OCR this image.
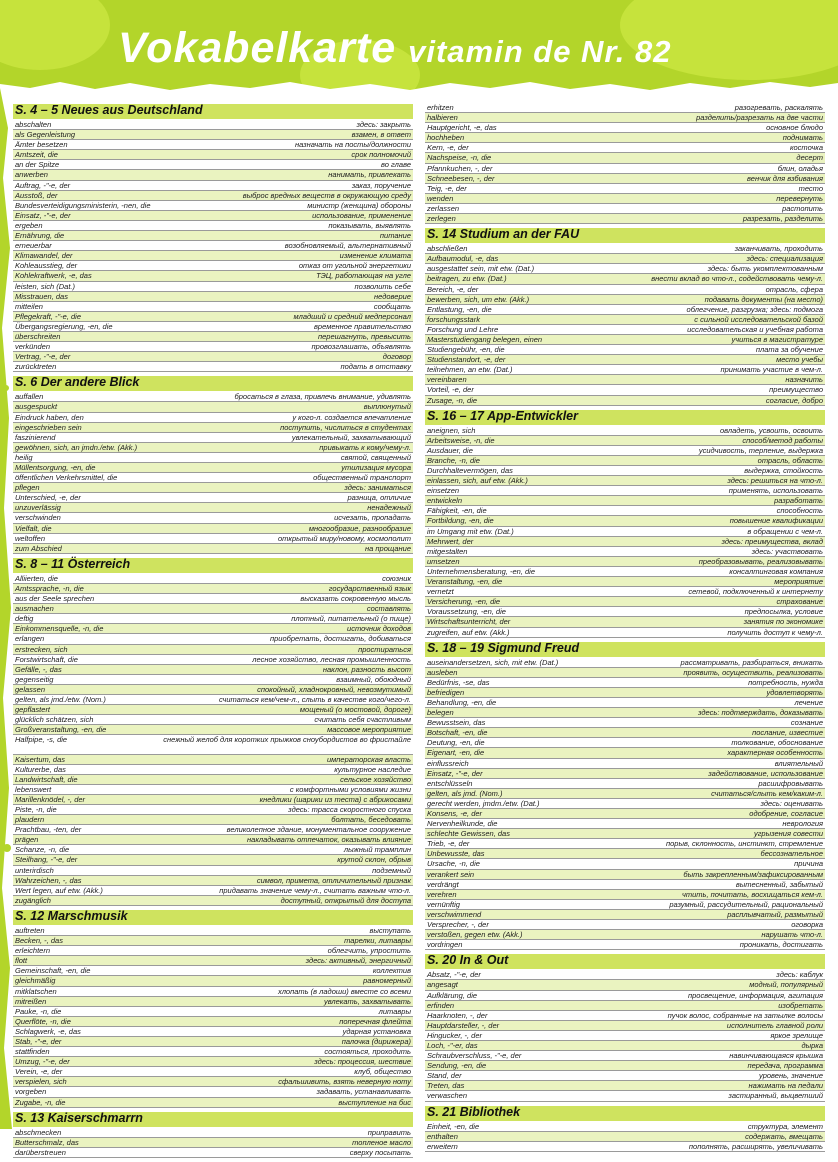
Vokabelkarte vitamin de Nr. 82
S. 4 – 5 Neues aus Deutschland
abschalten	здесь: закрыть
als Gegenleistung	взамен, в ответ
Ämter besetzen	назначать на посты/должности
Amtszeit, die	срок полномочий
an der Spitze	во главе
anwerben	нанимать, привлекать
Auftrag, -"-e, der	заказ, поручение
Ausstoß, der	выброс вредных веществ в окружающую среду
Bundesverteidigungsministerin, -nen, die	министр (женщина) обороны
Einsatz, -"-e, der	использование, применение
ergeben	показывать, выявлять
Ernährung, die	питание
erneuerbar	возобновляемый, альтернативный
Klimawandel, der	изменение климата
Kohleausstieg, der	отказ от угольной энергетики
Kohlekraftwerk, -e, das	ТЭЦ, работающая на угле
leisten, sich (Dat.)	позволить себе
Misstrauen, das	недоверие
mitteilen	сообщать
Pflegekraft, -"-e, die	младший и средний медперсонал
Übergangsregierung, -en, die	временное правительство
überschreiten	перешагнуть, превысить
verkünden	провозглашать, объявлять
Vertrag, -"-e, der	договор
zurücktreten	подать в отставку
S. 6 Der andere Blick
auffallen	бросаться в глаза, привлечь внимание, удивлять
ausgespuckt	выплюнутый
Eindruck haben, den	у кого-л. создается впечатление
eingeschrieben sein	поступить, числиться в студентах
faszinierend	увлекательный, захватывающий
gewöhnen, sich, an jmdn./etw. (Akk.)	привыкать к кому/чему-л.
heilig	святой, священный
Müllentsorgung, -en, die	утилизация мусора
öffentlichen Verkehrsmittel, die	общественный транспорт
pflegen	здесь: заниматься
Unterschied, -e, der	разница, отличие
unzuverlässig	ненадежный
verschwinden	исчезать, пропадать
Vielfalt, die	многообразие, разнообразие
weltoffen	открытый миру/новому, космополит
zum Abschied	на прощание
S. 8 – 11 Österreich
Alliierten, die	союзник
Amtssprache, -n, die	государственный язык
aus der Seele sprechen	высказать сокровенную мысль
ausmachen	составлять
deftig	плотный, питательный (о пище)
Einkommensquelle, -n, die	источник доходов
erlangen	приобретать, достигать, добиваться
erstrecken, sich	простираться
Forstwirtschaft, die	лесное хозяйство, лесная промышленность
Gefälle, -, das	наклон, разность высот
gegenseitig	взаимный, обоюдный
gelassen	спокойный, хладнокровный, невозмутимый
gelten, als jmd./etw. (Nom.)	считаться кем/чем-л., слыть в качестве кого/чего-л.
gepflastert	мощеный (о мостовой, дороге)
glücklich schätzen, sich	считать себя счастливым
Großveranstaltung, -en, die	массовое мероприятие
Halfpipe, -s, die	снежный желоб для коротких прыжков сноубордистов во фристайле
Kaisertum, das	императорская власть
Kulturerbe, das	культурное наследие
Landwirtschaft, die	сельское хозяйство
lebenswert	с комфортными условиями жизни
Marillenknödel, -, der	кнедлики (шарики из теста) с абрикосами
Piste, -n, die	здесь: трасса скоростного спуска
plaudern	болтать, беседовать
Prachtbau, -ten, der	великолепное здание, монументальное сооружение
prägen	накладывать отпечаток, оказывать влияние
Schanze, -n, die	лыжный трамплин
Steilhang, -"-e, der	крутой склон, обрыв
unterirdisch	подземный
Wahrzeichen, -, das	символ, примета, отличительный признак
Wert legen, auf etw. (Akk.)	придавать значение чему-л., считать важным что-л.
zugänglich	доступный, открытый для доступа
S. 12 Marschmusik
auftreten	выступать
Becken, -, das	тарелки, литавры
erleichtern	облегчить, упростить
flott	здесь: активный, энергичный
Gemeinschaft, -en, die	коллектив
gleichmäßig	равномерный
mitklatschen	хлопать (в ладоши) вместе со всеми
mitreißen	увлекать, захватывать
Pauke, -n, die	литавры
Querflöte, -n, die	поперечная флейта
Schlagwerk, -e, das	ударная установка
Stab, -"-e, der	палочка (дирижера)
stattfinden	состояться, проходить
Umzug, -"-e, der	здесь: процессия, шествие
Verein, -e, der	клуб, общество
verspielen, sich	сфальшивить, взять неверную ноту
vorgeben	задавать, устанавливать
Zugabe, -n, die	выступление на бис
S. 13 Kaiserschmarrn
abschmecken	приправить
Butterschmalz, das	топленое масло
darüberstreuen	сверху посыпать
erhitzen	разогревать, раскалять
halbieren	разделить/разрезать на две части
Hauptgericht, -e, das	основное блюдо
hochheben	поднимать
Kern, -e, der	косточка
Nachspeise, -n, die	десерт
Pfannkuchen, -, der	блин, оладья
Schneebesen, -, der	венчик для взбивания
Teig, -e, der	тесто
wenden	перевернуть
zerlassen	растопить
zerlegen	разрезать, разделить
S. 14 Studium an der FAU
abschließen	заканчивать, проходить
Aufbaumodul, -e, das	здесь: специализация
ausgestattet sein, mit etw. (Dat.)	здесь: быть укомплектованным
beitragen, zu etw. (Dat.)	внести вклад во что-л., содействовать чему-л.
Bereich, -e, der	отрасль, сфера
bewerben, sich, um etw. (Akk.)	подавать документы (на место)
Entlastung, -en, die	облегчение, разгрузка; здесь: подмога
forschungsstark	с сильной исследовательской базой
Forschung und Lehre	исследовательская и учебная работа
Masterstudiengang belegen, einen	учиться в магистратуре
Studiengebühr, -en, die	плата за обучение
Studienstandort, -e, der	место учебы
teilnehmen, an etw. (Dat.)	принимать участие в чем-л.
vereinbaren	назначить
Vorteil, -e, der	преимущество
Zusage, -n, die	согласие, добро
S. 16 – 17 App-Entwickler
aneignen, sich	овладеть, усвоить, освоить
Arbeitsweise, -n, die	способ/метод работы
Ausdauer, die	усидчивость, терпение, выдержка
Branche, -n, die	отрасль, область
Durchhaltevermögen, das	выдержка, стойкость
einlassen, sich, auf etw. (Akk.)	здесь: решиться на что-л.
einsetzen	применять, использовать
entwickeln	разработать
Fähigkeit, -en, die	способность
Fortbildung, -en, die	повышение квалификации
im Umgang mit etw. (Dat.)	в обращении с чем-л.
Mehrwert, der	здесь: преимущества, вклад
mitgestalten	здесь: участвовать
umsetzen	преобразовывать, реализовывать
Unternehmensberatung, -en, die	консалтинговая компания
Veranstaltung, -en, die	мероприятие
vernetzt	сетевой, подключенный к интернету
Versicherung, -en, die	страхование
Voraussetzung, -en, die	предпосылка, условие
Wirtschaftsunterricht, der	занятия по экономике
zugreifen, auf etw. (Akk.)	получить доступ к чему-л.
S. 18 – 19 Sigmund Freud
auseinandersetzen, sich, mit etw. (Dat.)	рассматривать, разбираться, вникать
ausleben	проявить, осуществить, реализовать
Bedürfnis, -se, das	потребность, нужда
befriedigen	удовлетворять
Behandlung, -en, die	лечение
belegen	здесь: подтверждать, доказывать
Bewusstsein, das	сознание
Botschaft, -en, die	послание, известие
Deutung, -en, die	толкование, обоснование
Eigenart, -en, die	характерная особенность
einflussreich	влиятельный
Einsatz, -"-e, der	задействование, использование
entschlüsseln	расшифровывать
gelten, als jmd. (Nom.)	считаться/слыть кем/каким-л.
gerecht werden, jmdm./etw. (Dat.)	здесь: оценивать
Konsens, -e, der	одобрение, согласие
Nervenheilkunde, die	неврология
schlechte Gewissen, das	угрызения совести
Trieb, -e, der	порыв, склонность, инстинкт, стремление
Unbewusste, das	бессознательное
Ursache, -n, die	причина
verankert sein	быть закрепленным/зафиксированным
verdrängt	вытесненный, забытый
verehren	чтить, почитать, восхищаться кем-л.
vernünftig	разумный, рассудительный, рациональный
verschwimmend	расплывчатый, размытый
Versprecher, -, der	оговорка
verstoßen, gegen etw. (Akk.)	нарушать что-л.
vordringen	проникать, достигать
S. 20 In & Out
Absatz, -"-e, der	здесь: каблук
angesagt	модный, популярный
Aufklärung, die	просвещение, информация, агитация
erfinden	изобретать
Haarknoten, -, der	пучок волос, собранные на затылке волосы
Hauptdarsteller, -, der	исполнитель главной роли
Hingucker, -, der	яркое зрелище
Loch, -"-er, das	дырка
Schraubverschluss, -"-e, der	навинчивающаяся крышка
Sendung, -en, die	передача, программа
Stand, der	уровень, значение
Treten, das	нажимать на педали
verwaschen	застиранный, выцветший
S. 21 Bibliothek
Einheit, -en, die	структура, элемент
enthalten	содержать, вмещать
erweitern	пополнять, расширять, увеличивать
